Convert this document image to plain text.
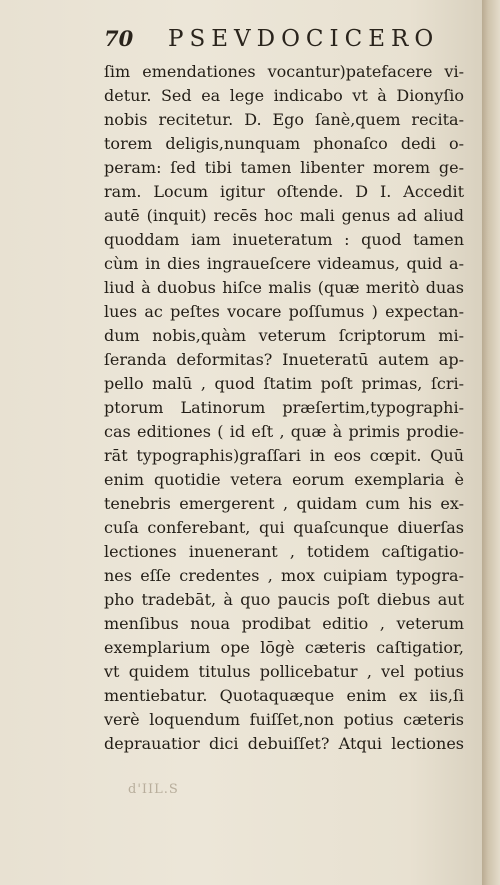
70 PSEVDOCICERO
ſim emendationes vocantur)patefacere vi-
detur. Sed ea lege indicabo vt à Dionyſio
nobis recitetur. D. Ego ſanè,quem recita-
torem deligis,nunquam phonaſco dedi o-
peram: ſed tibi tamen libenter morem ge-
ram. Locum igitur oſtende. D I. Accedit
autē (inquit) recēs hoc mali genus ad aliud
quoddam iam inueteratum : quod tamen
cùm in dies ingraueſcere videamus, quid a-
liud à duobus hiſce malis (quæ meritò duas
lues ac peſtes vocare poſſumus ) expectan-
dum nobis,quàm veterum ſcriptorum mi-
ſeranda deformitas? Inueteratū autem ap-
pello malū , quod ſtatim poſt primas, ſcri-
ptorum Latinorum præſertim,typographi-
cas editiones ( id eſt , quæ à primis prodie-
rāt typographis)graſſari in eos cœpit. Quū
enim quotidie vetera eorum exemplaria è
tenebris emergerent , quidam cum his ex-
cuſa conferebant, qui quaſcunque diuerſas
lectiones inuenerant , totidem caſtigatio-
nes eſſe credentes , mox cuipiam typogra-
pho tradebāt, à quo paucis poſt diebus aut
menſibus noua prodibat editio , veterum
exemplarium ope lōgè cæteris caſtigatior,
vt quidem titulus pollicebatur , vel potius
mentiebatur. Quotaquæque enim ex iis,ſi
verè loquendum fuiſſet,non potius cæteris
deprauatior dici debuiſſet? Atqui lectiones
d'IIL.S
